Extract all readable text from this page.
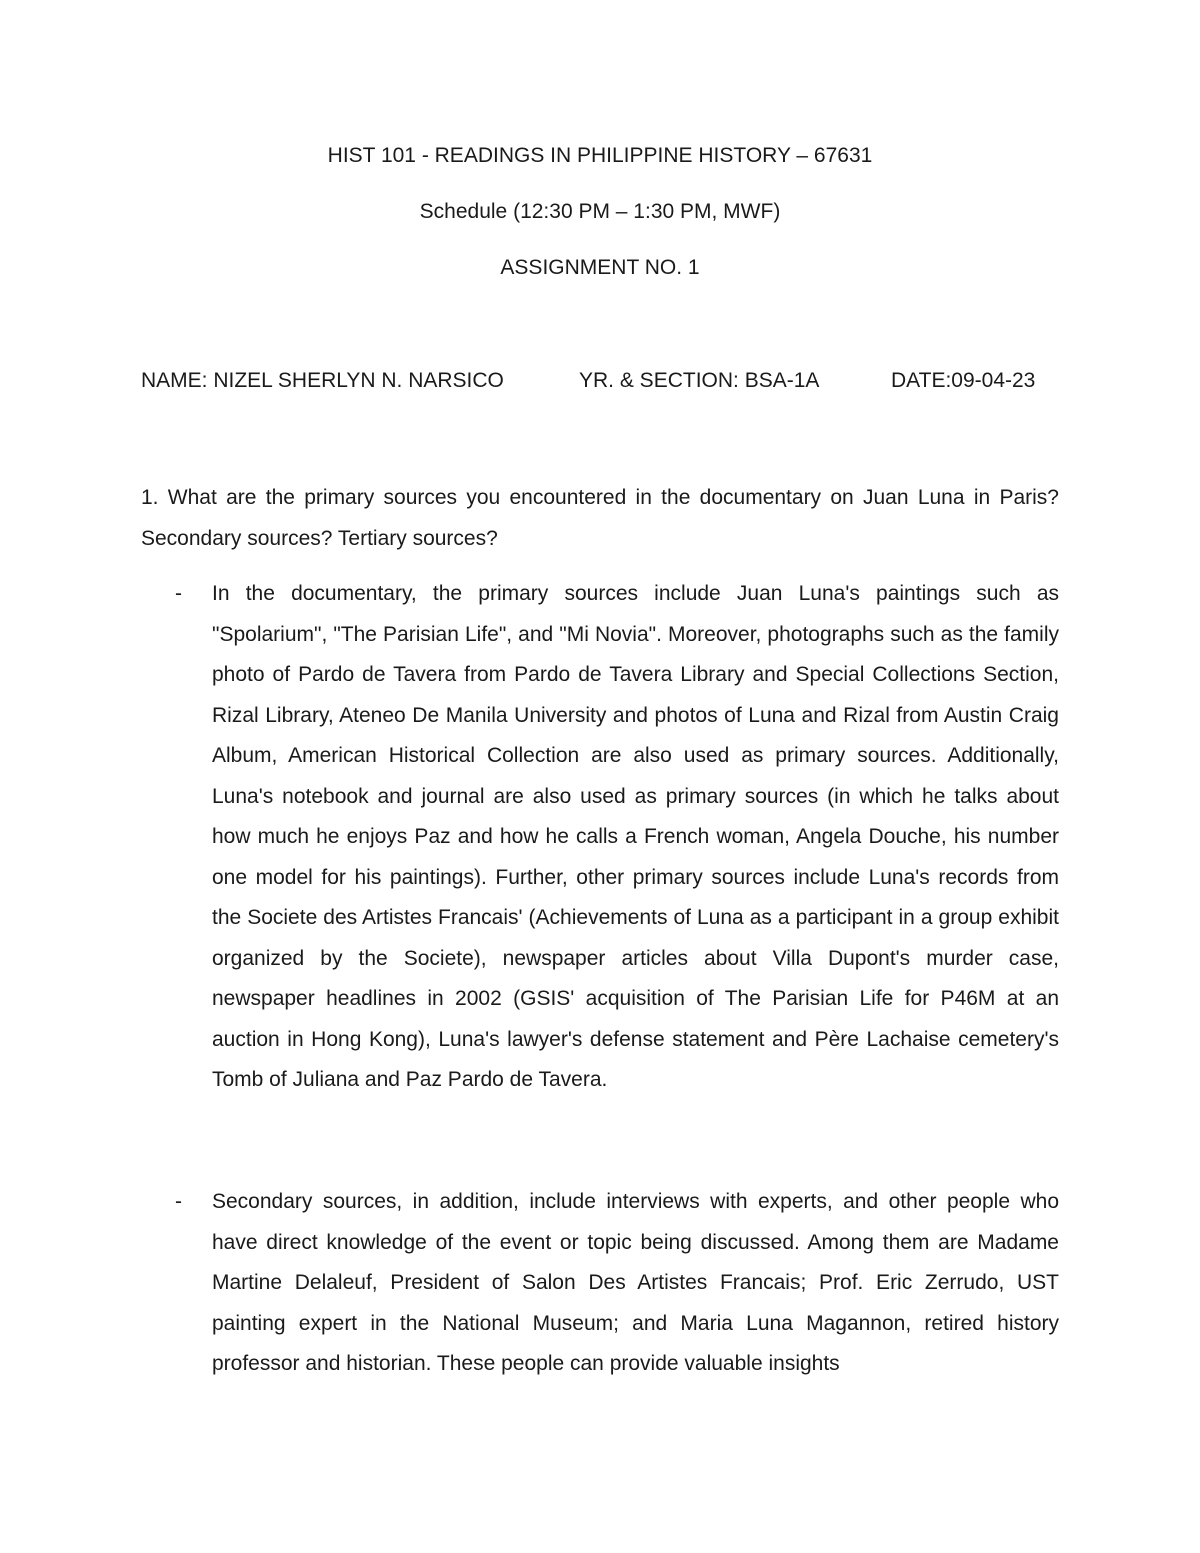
HIST 101 - READINGS IN PHILIPPINE HISTORY – 67631
Schedule (12:30 PM – 1:30 PM, MWF)
ASSIGNMENT NO. 1
NAME: NIZEL SHERLYN N. NARSICO	YR. & SECTION: BSA-1A	DATE:09-04-23
1. What are the primary sources you encountered in the documentary on Juan Luna in Paris? Secondary sources? Tertiary sources?
- In the documentary, the primary sources include Juan Luna's paintings such as "Spolarium", "The Parisian Life", and "Mi Novia". Moreover, photographs such as the family photo of Pardo de Tavera from Pardo de Tavera Library and Special Collections Section, Rizal Library, Ateneo De Manila University and photos of Luna and Rizal from Austin Craig Album, American Historical Collection are also used as primary sources. Additionally, Luna's notebook and journal are also used as primary sources (in which he talks about how much he enjoys Paz and how he calls a French woman, Angela Douche, his number one model for his paintings). Further, other primary sources include Luna's records from the Societe des Artistes Francais' (Achievements of Luna as a participant in a group exhibit organized by the Societe), newspaper articles about Villa Dupont's murder case, newspaper headlines in 2002 (GSIS' acquisition of The Parisian Life for P46M at an auction in Hong Kong), Luna's lawyer's defense statement and Père Lachaise cemetery's Tomb of Juliana and Paz Pardo de Tavera.

- Secondary sources, in addition, include interviews with experts, and other people who have direct knowledge of the event or topic being discussed. Among them are Madame Martine Delaleuf, President of Salon Des Artistes Francais; Prof. Eric Zerrudo, UST painting expert in the National Museum; and Maria Luna Magannon, retired history professor and historian. These people can provide valuable insights
